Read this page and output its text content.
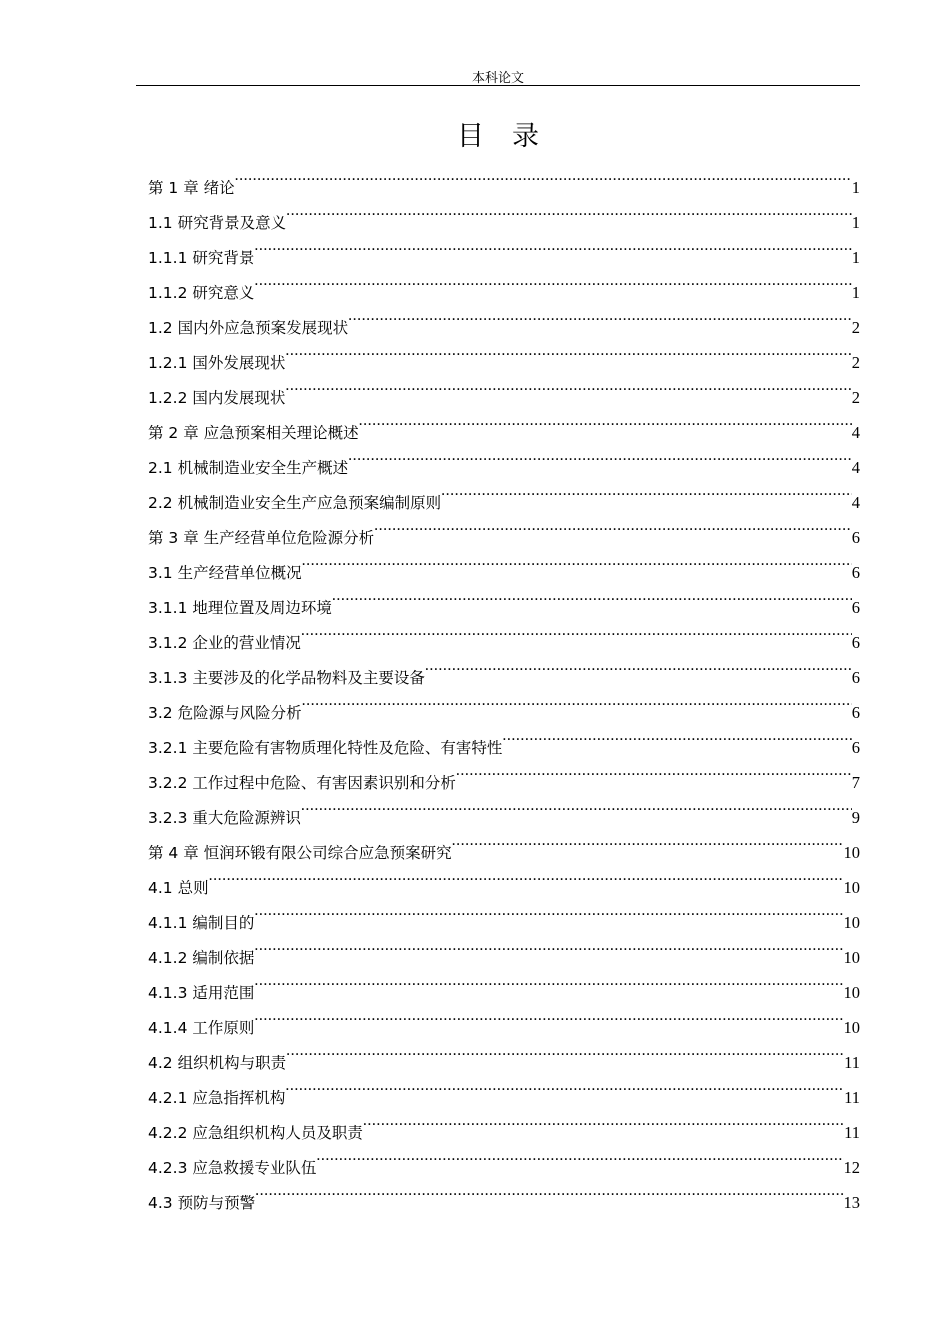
本科论文
目录
第 1 章 绪论 .....	1
1.1 研究背景及意义 .....	1
1.1.1 研究背景 .....	1
1.1.2 研究意义 .....	1
1.2 国内外应急预案发展现状 .....	2
1.2.1 国外发展现状 .....	2
1.2.2 国内发展现状 .....	2
第 2 章 应急预案相关理论概述 .....	4
2.1 机械制造业安全生产概述 .....	4
2.2 机械制造业安全生产应急预案编制原则 .....	4
第 3 章 生产经营单位危险源分析 .....	6
3.1 生产经营单位概况 .....	6
3.1.1 地理位置及周边环境 .....	6
3.1.2 企业的营业情况 .....	6
3.1.3 主要涉及的化学品物料及主要设备 .....	6
3.2 危险源与风险分析 .....	6
3.2.1 主要危险有害物质理化特性及危险、有害特性 .....	6
3.2.2 工作过程中危险、有害因素识别和分析 .....	7
3.2.3 重大危险源辨识 .....	9
第 4 章 恒润环锻有限公司综合应急预案研究 .....	10
4.1 总则 .....	10
4.1.1 编制目的 .....	10
4.1.2 编制依据 .....	10
4.1.3 适用范围 .....	10
4.1.4 工作原则 .....	10
4.2 组织机构与职责 .....	11
4.2.1 应急指挥机构 .....	11
4.2.2 应急组织机构人员及职责 .....	11
4.2.3 应急救援专业队伍 .....	12
4.3 预防与预警 .....	13
